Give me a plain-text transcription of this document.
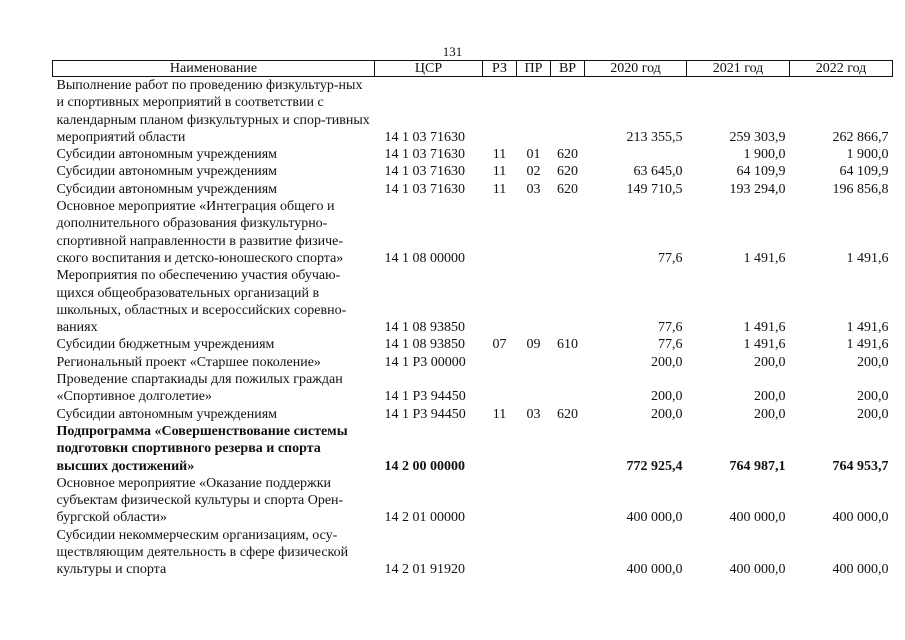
131
Наименование	ЦСР	РЗ	ПР	ВР	2020 год	2021 год	2022 год
Выполнение работ по проведению физкультур-ных и спортивных мероприятий в соответствии с календарным планом физкультурных и спор-тивных мероприятий области	14 1 03 71630				213 355,5	259 303,9	262 866,7
Субсидии автономным учреждениям	14 1 03 71630	11	01	620		1 900,0	1 900,0
Субсидии автономным учреждениям	14 1 03 71630	11	02	620	63 645,0	64 109,9	64 109,9
Субсидии автономным учреждениям	14 1 03 71630	11	03	620	149 710,5	193 294,0	196 856,8
Основное мероприятие «Интеграция общего и дополнительного образования физкультурно-спортивной направленности в развитие физиче-ского воспитания и детско-юношеского спорта»	14 1 08 00000				77,6	1 491,6	1 491,6
Мероприятия по обеспечению участия обучаю-щихся общеобразовательных организаций в школьных, областных и всероссийских соревно-ваниях	14 1 08 93850				77,6	1 491,6	1 491,6
Субсидии бюджетным учреждениям	14 1 08 93850	07	09	610	77,6	1 491,6	1 491,6
Региональный проект «Старшее поколение»	14 1 P3 00000				200,0	200,0	200,0
Проведение спартакиады для пожилых граждан «Спортивное долголетие»	14 1 P3 94450				200,0	200,0	200,0
Субсидии автономным учреждениям	14 1 P3 94450	11	03	620	200,0	200,0	200,0
Подпрограмма «Совершенствование системы подготовки спортивного резерва и спорта высших достижений»	14 2 00 00000				772 925,4	764 987,1	764 953,7
Основное мероприятие «Оказание поддержки субъектам физической культуры и спорта Орен-бургской области»	14 2 01 00000				400 000,0	400 000,0	400 000,0
Субсидии некоммерческим организациям, осу-ществляющим деятельность в сфере физической культуры и спорта	14 2 01 91920				400 000,0	400 000,0	400 000,0
